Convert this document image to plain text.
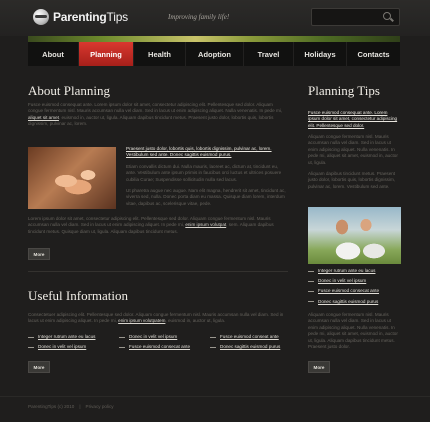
ParentingTips	Improving family life!
About	Planning	Health	Adoption	Travel	Holidays	Contacts
About Planning
Fusce euismod consequat ante. Lorem ipsum dolor sit amet, consectetur adipiscing elit. Pellentesque sed dolor. Aliquam congue fermentum nisl. Mauris accumsan nulla vel diam. Sed in lacus ut enim adipiscing aliquet. Nulla venenatis. In pede mi, aliquet sit amet, euismod in, auctor ut, ligula. Aliquam dapibus tincidunt metus. Praesent justo dolor, lobortis quis, lobortis dignissim, pulvinar ac, lorem.
Praesent justo dolor, lobortis quis, lobortis dignissim, pulvinar ac, lorem. Vestibulum sed ante. Donec sagittis euismod purus.
Etiam convallis dictum dui. Nulla mauris, laoreet ac, dictum at, tincidunt eu, ante. Vestibulum ante ipsum primis in faucibus orci luctus et ultrices posuere cubilia Curae; Suspendisse sollicitudin nulla sed lacus.
Ut pharetra augue nec augue. Nam elit magna, hendrerit sit amet, tincidunt ac, viverra sed, nulla. Donec porta diam eu massa. Quisque diam lorem, interdum vitae, dapibus ac, scelerisque vitae, pede.
Lorem ipsum dolor sit amet, consectetur adipiscing elit. Pellentesque sed dolor. Aliquam congue fermentum nisl. Mauris accumsan nulla vel diam. Sed in lacus ut enim adipiscing aliquet. In pede mi, enim ipsum volutpat, sem. Aliquam dapibus tincidunt metus. Quisque diam ut, ligula. Aliquam dapibus tincidunt metus.
More
Useful Information
Consectetuer adipiscing elit. Pellentesque sed dolor. Aliquam congue fermentum nisl. Mauris accumsan nulla vel diam. Sed in lacus ut enim adipiscing aliquet. In pede mi, enim ipsum volutpatem, euismod in, auctor ut, ligula.
Integer rutrum ante eu lacus
Donec in velit vel ipsum
Donec in velit vel ipsum
Fusce euismod consecat ante
Fusce euismod conseat ante
Donec sagittis euismod purus
More
Planning Tips
Fusce euismod consequat ante. Lorem ipsum dolor sit amet, consectetur adipiscing elit. Pellentesque sed dolor.
Aliquam congue fermentum nisl. Mauris accumsan nulla vel diam. Sed in lacus ut enim adipiscing aliquet. Nulla venenatis. In pede mi, aliquet sit amet, euismod in, auctor ut, ligula.
Aliquam dapibus tincidunt metus. Praesent justo dolor, lobortis quis, lobortis dignissim, pulvinar ac, lorem. Vestibulum sed ante.
Integer rutrum ante eu lacus
Donec in velit vel ipsum
Fusce euismod consecat ante
Donec sagittis euismod purus
Aliquam congue fermentum nisl. Mauris accumsan nulla vel diam. Sed in lacus ut enim adipiscing aliquet. Nulla venenatis. In pede mi, aliquet sit amet, euismod in, auctor ut, ligula. Aliquam dapibus tincidunt metus. Praesent justo dolor.
More
ParentingTips (c) 2010 | Privacy policy
